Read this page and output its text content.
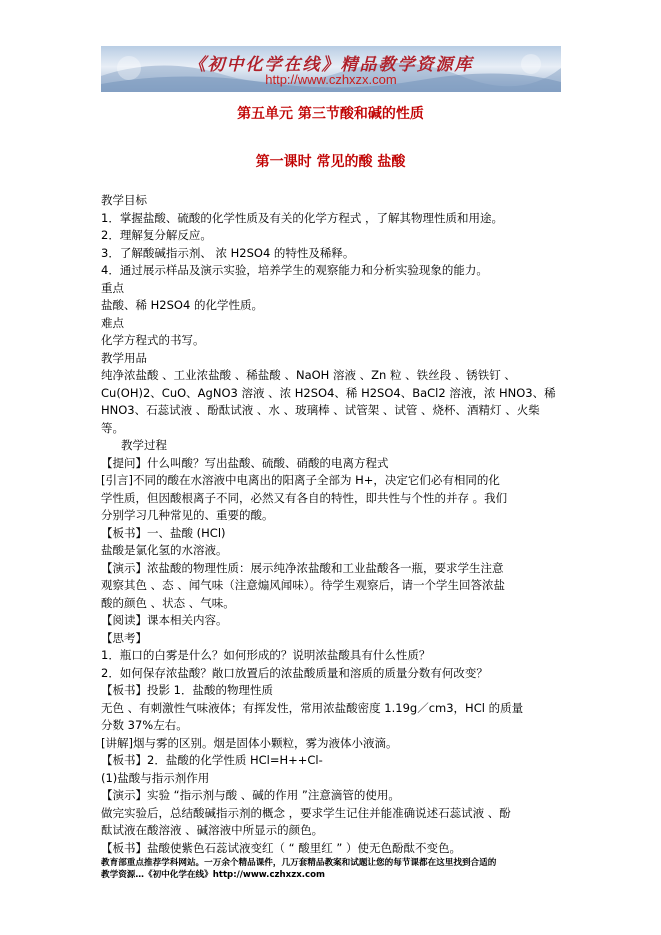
《初中化学在线》精品教学资源库
http://www.czhxzx.com
第五单元 第三节酸和碱的性质
第一课时 常见的酸 盐酸

教学目标

1．掌握盐酸、硫酸的化学性质及有关的化学方程式 ，了解其物理性质和用途。

2．理解复分解反应。

3．了解酸碱指示剂、 浓 H2SO4 的特性及稀释。

4．通过展示样品及演示实验，培养学生的观察能力和分析实验现象的能力。

重点

盐酸、稀 H2SO4 的化学性质。

难点

化学方程式的书写。

教学用品

纯净浓盐酸 、工业浓盐酸 、稀盐酸 、NaOH 溶液 、Zn 粒 、铁丝段 、锈铁钉 、

Cu(OH)2、CuO、AgNO3 溶液 、浓 H2SO4、稀 H2SO4、BaCl2 溶液，浓 HNO3、稀

HNO3、石蕊试液 、酚酞试液 、水 、玻璃棒 、试管架 、试管 、烧杯、酒精灯 、火柴

等。

教学过程

【提问】什么叫酸？写出盐酸、硫酸、硝酸的电离方程式

[引言]不同的酸在水溶液中电离出的阳离子全部为 H+，决定它们必有相同的化

学性质，但因酸根离子不同，必然又有各自的特性，即共性与个性的并存 。我们

分别学习几种常见的、重要的酸。

【板书】一、盐酸 (HCl)

盐酸是氯化氢的水溶液。

【演示】浓盐酸的物理性质：展示纯净浓盐酸和工业盐酸各一瓶，要求学生注意

观察其色 、态 、闻气味（注意煽风闻味）。待学生观察后，请一个学生回答浓盐

酸的颜色 、状态 、气味。

【阅读】课本相关内容。

【思考】

1．瓶口的白雾是什么？如何形成的？说明浓盐酸具有什么性质？

2．如何保存浓盐酸？敞口放置后的浓盐酸质量和溶质的质量分数有何改变？

【板书】投影 1．盐酸的物理性质

无色 、有刺激性气味液体；有挥发性，常用浓盐酸密度 1.19g／cm3，HCl 的质量

分数 37%左右。

[讲解]烟与雾的区别。烟是固体小颗粒，雾为液体小液滴。

【板书】2．盐酸的化学性质 HCl=H++Cl-

(1)盐酸与指示剂作用

【演示】实验 “指示剂与酸 、碱的作用 ”注意滴管的使用。

做完实验后，总结酸碱指示剂的概念 ，要求学生记住并能准确说述石蕊试液 、酚

酞试液在酸溶液 、碱溶液中所显示的颜色。

【板书】盐酸使紫色石蕊试液变红（ “ 酸里红 ” ）使无色酚酞不变色。

教育部重点推荐学科网站。一万余个精品课件，几万套精品教案和试题让您的每节课都在这里找到合适的
教学资源…《初中化学在线》http://www.czhxzx.com
